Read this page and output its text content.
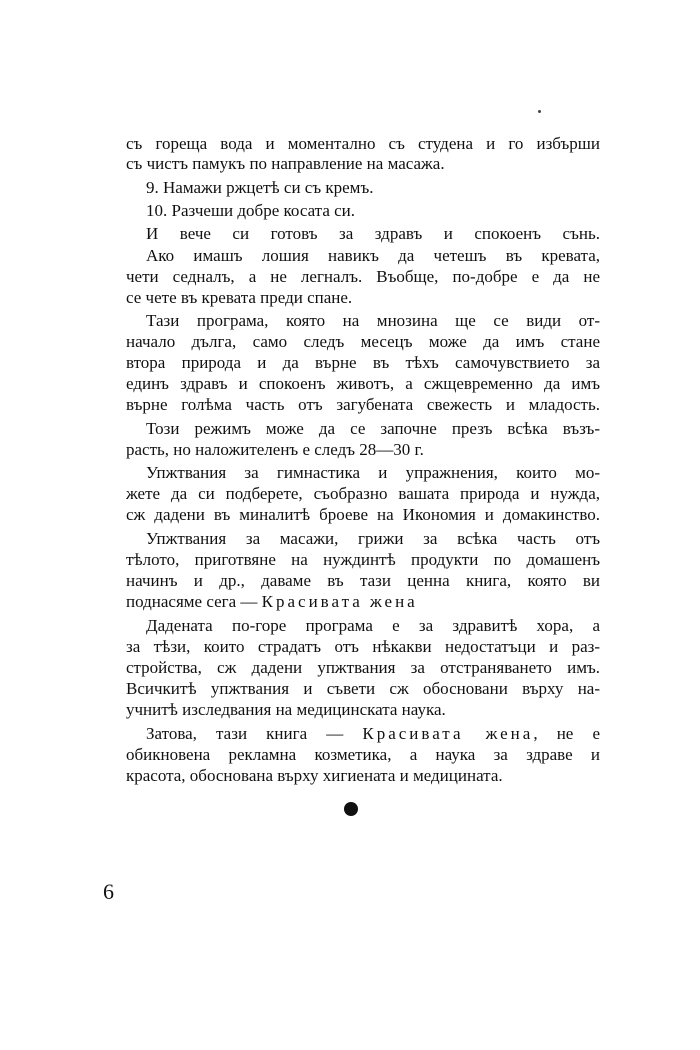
съ гореща вода и моментално съ студена и го избърши
съ чистъ памукъ по направление на масажа.
9. Намажи ржцетѣ си съ кремъ.
10. Разчеши добре косата си.
И вече си готовъ за здравъ и спокоенъ сънь.
Ако имашъ лошия навикъ да четешъ въ кревата,
чети седналъ, а не легналъ. Въобще, по-добре е да не
се чете въ кревата преди спане.
Тази програма, която на мнозина ще се види от-
начало дълга, само следъ месецъ може да имъ стане
втора природа и да върне въ тѣхъ самочувствието за
единъ здравъ и спокоенъ животъ, а сжщевременно да имъ
върне голѣма часть отъ загубената свежесть и младость.
Този режимъ може да се започне презъ всѣка възъ-
расть, но наложителенъ е следъ 28—30 г.
Упжтвания за гимнастика и упражнения, които мо-
жете да си подберете, съобразно вашата природа и нужда,
сж дадени въ миналитѣ броеве на Икономия и домакинство.
Упжтвания за масажи, грижи за всѣка часть отъ
тѣлото, приготвяне на нуждинтѣ продукти по домашенъ
начинъ и др., даваме въ тази ценна книга, която ви
поднасяме сега — Красивата жена
Дадената по-горе програма е за здравитѣ хора, а
за тѣзи, които страдатъ отъ нѣкакви недостатъци и раз-
стройства, сж дадени упжтвания за отстраняването имъ.
Всичкитѣ упжтвания и съвети сж обосновани върху на-
учнитѣ изследвания на медицинската наука.
Затова, тази книга — Красивата жена, не е
обикновена рекламна козметика, а наука за здраве и
красота, обоснована върху хигиената и медицината.
6
